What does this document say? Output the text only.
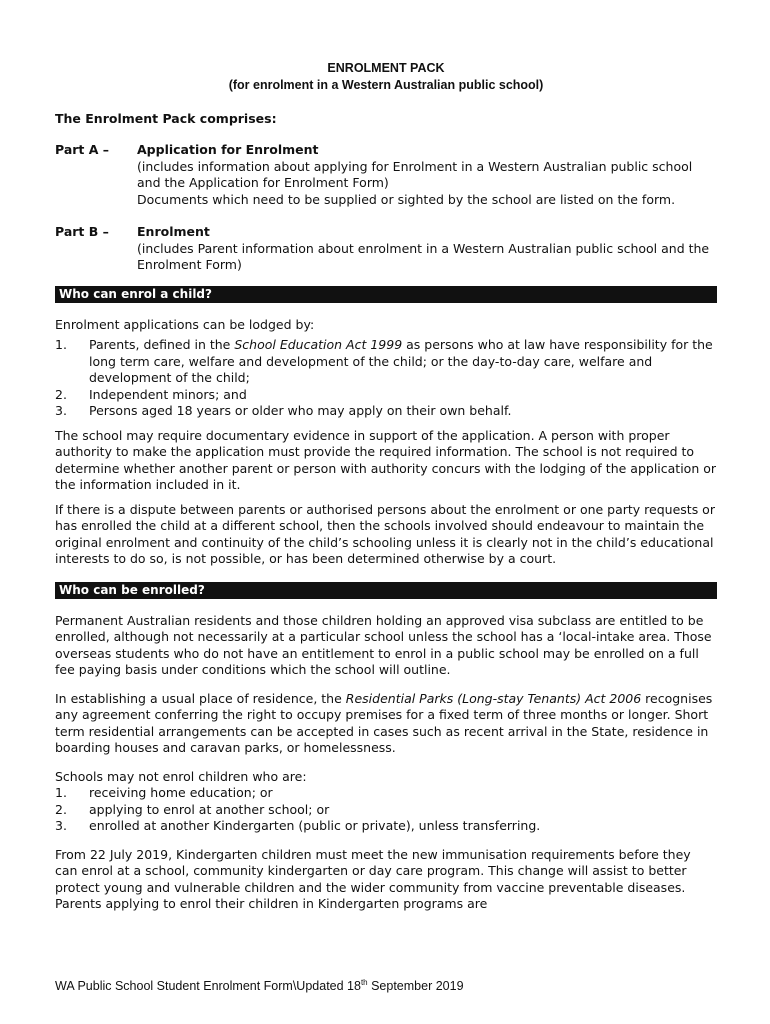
ENROLMENT PACK
(for enrolment in a Western Australian public school)
The Enrolment Pack comprises:
Part A –	Application for Enrolment
(includes information about applying for Enrolment in a Western Australian public school and the Application for Enrolment Form)
Documents which need to be supplied or sighted by the school are listed on the form.
Part B –	Enrolment
(includes Parent information about enrolment in a Western Australian public school and the Enrolment Form)
Who can enrol a child?

Enrolment applications can be lodged by:

1.	Parents, defined in the School Education Act 1999 as persons who at law have responsibility for the long term care, welfare and development of the child; or the day-to-day care, welfare and development of the child;
2.	Independent minors; and
3.	Persons aged 18 years or older who may apply on their own behalf.

The school may require documentary evidence in support of the application. A person with proper authority to make the application must provide the required information. The school is not required to determine whether another parent or person with authority concurs with the lodging of the application or the information included in it.

If there is a dispute between parents or authorised persons about the enrolment or one party requests or has enrolled the child at a different school, then the schools involved should endeavour to maintain the original enrolment and continuity of the child’s schooling unless it is clearly not in the child’s educational interests to do so, is not possible, or has been determined otherwise by a court.

Who can be enrolled?

Permanent Australian residents and those children holding an approved visa subclass are entitled to be enrolled, although not necessarily at a particular school unless the school has a ‘local-intake area. Those overseas students who do not have an entitlement to enrol in a public school may be enrolled on a full fee paying basis under conditions which the school will outline.

In establishing a usual place of residence, the Residential Parks (Long-stay Tenants) Act 2006 recognises any agreement conferring the right to occupy premises for a fixed term of three months or longer. Short term residential arrangements can be accepted in cases such as recent arrival in the State, residence in boarding houses and caravan parks, or homelessness.

Schools may not enrol children who are:

1.	receiving home education; or
2.	applying to enrol at another school; or
3.	enrolled at another Kindergarten (public or private), unless transferring.

From 22 July 2019, Kindergarten children must meet the new immunisation requirements before they can enrol at a school, community kindergarten or day care program. This change will assist to better protect young and vulnerable children and the wider community from vaccine preventable diseases. Parents applying to enrol their children in Kindergarten programs are

WA Public School Student Enrolment Form\Updated 18th September 2019
